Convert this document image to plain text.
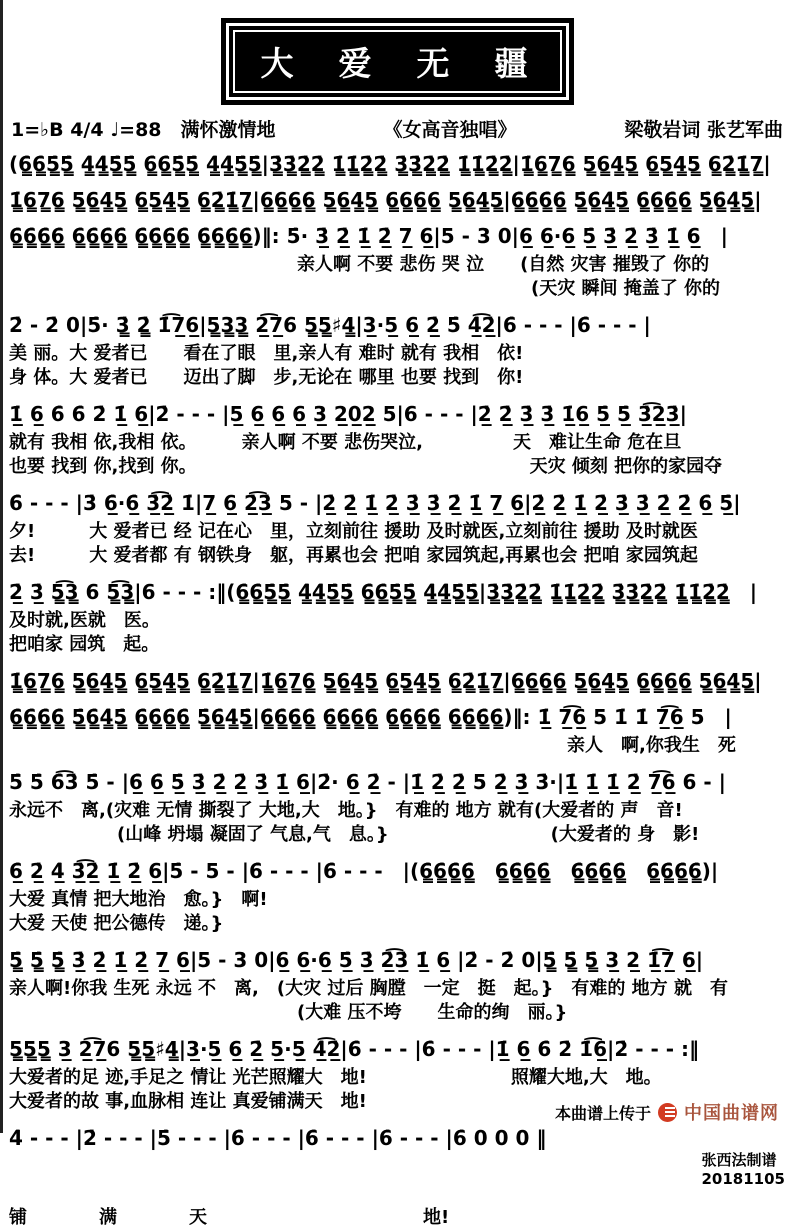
大　爱　无　疆
1=♭B 4/4 ♩=88　满怀激情地	《女高音独唱》	梁敬岩词 张艺军曲
(6̳̇6̳̇5̳̇5̳̇ 4̳̇4̳̇5̳̇5̳̇ 6̳̇6̳̇5̳̇5̳̇ 4̳̇4̳̇5̳̇5̳̇|3̳̇3̳̇2̳̇2̳̇ 1̳̇1̳̇2̳̇2̳̇ 3̳̇3̳̇2̳̇2̳̇ 1̳̇1̳̇2̳̇2̳̇|1̳̇6̳7̳6̳ 5̳6̳4̳5̳ 6̳5̳4̳5̳ 6̳2̳̇1̳̇7̳|
1̳̇6̳7̳6̳ 5̳6̳4̳5̳ 6̳5̳4̳5̳ 6̳2̳̇1̳̇7̳|6̳6̳6̳6̳ 5̳6̳4̳5̳ 6̳6̳6̳6̳ 5̳6̳4̳5̳|6̳̇6̳̇6̳̇6̳̇ 5̳̇6̳̇4̳̇5̳̇ 6̳̇6̳̇6̳̇6̳̇ 5̳̇6̳̇4̳̇5̳̇|
6̳̇6̳̇6̳̇6̳̇ 6̳̇6̳̇6̳̇6̳̇ 6̳̇6̳̇6̳̇6̳̇ 6̳̇6̳̇6̳̇6̳̇)‖: 5̇· 3̲̇ 2̲̇ 1̲̇ 2̲̇ 7̲ 6̲|5 - 3 0|6̲ 6̲·6̲ 5̲̇ 3̲̇ 2̲̇ 3̲̇ 1̲̇ 6̲　|
　　　　　　　　　　　　　　　　亲人啊 不要 悲伤 哭 泣　　(自然 灾害 摧毁了 你的
　　　　　　　　　　　　　　　　　　　　　　　　　　　　　(天灾 瞬间 掩盖了 你的
2̇ - 2̇ 0|5̇· 3̳̇ 2̳̇ 1̇͡7̲6̲|5̳3̳3̳ 2̲͡7̲6 5̳5̳♯4̳|3̲·5̲ 6̲ 2̲̇ 5̇ 4̲̇͡2̲̇|6̇ - - - |6̇ - - - |
美 丽。大 爱者已　　看在了眼　里,亲人有 难时 就有 我相　依!
身 体。大 爱者已　　迈出了脚　步,无论在 哪里 也要 找到　你!
1̲̇ 6̲ 6̇ 6̇ 2̇ 1̲̇ 6̲|2̇ - - - |5̲ 6̲ 6̲ 6̲ 3̲ 2̲0̲2̲ 5|6 - - - |2̲̇ 2̲̇ 3̲̇ 3̲̇ 1̲̇6̲ 5̲̇ 5̲̇ 3̲̇͡2̲3̲̇|
就有 我相 依,我相 依。　　　亲人啊 不要 悲伤哭泣,　　　　　天　难让生命 危在旦
也要 找到 你,找到 你。　　　　　　　　　　　　　　　　　　　天灾 倾刻 把你的家园夺
6̇ - - - |3̇ 6̲̇·6̲̇ 3̲̇͡2̲̇ 1̇|7̲ 6̲ 2̲̇͡3̲̇ 5 - |2̲̇ 2̲̇ 1̲̇ 2̲̇ 3̲̇ 3̲̇ 2̲̇ 1̲̇ 7̲ 6̲|2̲̇ 2̲̇ 1̲̇ 2̲̇ 3̲̇ 3̲̇ 2̲̇ 2̲̇ 6̲̇ 5̲̇|
夕!　　　大 爱者已 经 记在心　里，立刻前往 援助 及时就医,立刻前往 援助 及时就医
去!　　　大 爱者都 有 钢铁身　躯，再累也会 把咱 家园筑起,再累也会 把咱 家园筑起
2̲̇ 3̲̇ 5̳͡3̳ 6 5̳͡3̳|6 - - - :‖(6̳̇6̳̇5̳̇5̳̇ 4̳̇4̳̇5̳̇5̳̇ 6̳̇6̳̇5̳̇5̳̇ 4̳̇4̳̇5̳̇5̳̇|3̳̇3̳̇2̳̇2̳̇ 1̳̇1̳̇2̳̇2̳̇ 3̳̇3̳̇2̳̇2̳̇ 1̳̇1̳̇2̳̇2̳̇　|
及时就,医就　医。
把咱家 园筑　起。
1̳̇6̳7̳6̳ 5̳6̳4̳5̳ 6̳5̳4̳5̳ 6̳2̳̇1̳̇7̳|1̳̇6̳7̳6̳ 5̳6̳4̳5̳ 6̳5̳4̳5̳ 6̳2̳̇1̳̇7̳|6̳6̳6̳6̳ 5̳6̳4̳5̳ 6̳6̳6̳6̳ 5̳6̳4̳5̳|
6̳̇6̳̇6̳̇6̳̇ 5̳̇6̳̇4̳̇5̳̇ 6̳̇6̳̇6̳̇6̳̇ 5̳̇6̳̇4̳̇5̳̇|6̳̇6̳̇6̳̇6̳̇ 6̳̇6̳̇6̳̇6̳̇ 6̳̇6̳̇6̳̇6̳̇ 6̳̇6̳̇6̳̇6̳̇)‖: 1̲̇ 7̲͡6̲ 5 1̇ 1̇ 7̲͡6̲ 5　|
　　　　　　　　　　　　　　　　　　　　　　　　　　　　　　　亲人　啊,你我生　死
5̇ 5̇ 6̇͡3̇ 5̇ - |6̲̇ 6̲̇ 5̲̇ 3̲̇ 2̲̇ 2̲̇ 3̲̇ 1̲̇ 6̲|2̇· 6̲ 2̲̇ - |1̲̇ 2̲̇ 2̲̇ 5 2̲̇ 3̲̇ 3̇·|1̲̇ 1̲̇ 1̲̇ 2̲̇ 7̲͡6̲ 6 - |
永远不　离,(灾难 无情 撕裂了 大地,大　地。}　有难的 地方 就有(大爱者的 声　音!
　　　　　　(山峰 坍塌 凝固了 气息,气　息。}　　　　　　　　　(大爱者的 身　影!
6̲̇ 2̲̇ 4̲̇ 3̲̇͡2̲̇ 1̲̇ 2̲̇ 6̲|5̇ - 5 - |6̇ - - - |6̇ - - -　|(6̳̇6̳̇6̳̇6̳̇　6̳̇6̳̇6̳̇6̳̇　6̳̇6̳̇6̳̇6̳̇　6̳̇6̳̇6̳̇6̳̇)|
大爱 真情 把大地治　愈。}　啊!
大爱 天使 把公德传　递。}
5̳̇ 5̳̇ 5̳̇ 3̲̇ 2̲̇ 1̲̇ 2̲̇ 7̲ 6̲|5 - 3 0|6̲ 6̲·6̲ 5̲̇ 3̲̇ 2̲̇͡3̲̇ 1̲̇ 6̲ |2̇ - 2̇ 0|5̳̇ 5̳̇ 5̳̇ 3̲ 2̲ 1̲̇͡7̲ 6̲|
亲人啊!你我 生死 永远 不　离,　(大灾 过后 胸膛　一定　挺　起。}　有难的 地方 就　有
　　　　　　　　　　　　　　　　(大难 压不垮　　生命的绚　丽。}
5̳5̳5̳ 3̲ 2̲͡7̲6 5̳5̳♯4̳|3̲·5̲ 6̲ 2̲̇ 5̲·5̲ 4̲̇͡2̲̇|6̇ - - - |6̇ - - - |1̲̇ 6̲ 6̇ 2̇ 1̇͡6̲|2̇ - - - :‖
大爱者的足 迹,手足之 情让 光芒照耀大　地!　　　　　　　　照耀大地,大　地。
大爱者的故 事,血脉相 连让 真爱铺满天　地!
4̇ - - - |2̇ - - - |5̇ - - - |6̇ - - - |6̇ - - - |6̇ - - - |6̇ 0 0 0 ‖

张西法制谱
20181105

铺　　　　满　　　　天　　　　　　　　　　　　地!
本曲谱上传于 中国曲谱网
